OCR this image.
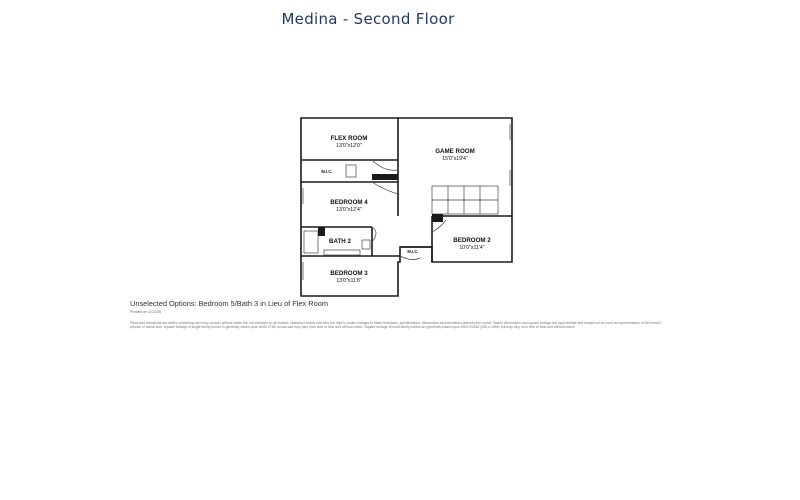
Medina - Second Floor
FLEX ROOM
13'0"x12'0"
GAME ROOM
15'0"x19'4"
M.I.C.
BEDROOM 4
13'0"x12'4"
BEDROOM 2
10'0"x11'4"
BATH 2
M.I.C.
BEDROOM 3
13'0"x11'8"
Unselected Options: Bedroom 5/Bath 3 in Lieu of Flex Room
Printed on 2/22/25
Plans and elevations are artist's renderings and may contain options which are not standard on all models. Mattamy Homes reserves the right to make changes to these floorplans, specifications, dimensions and elevations without prior notice. Stated dimensions and square footage are approximate and should not be used as representation of the home's precise or actual size. Square footage of single family homes is generally based upon ANSI Z765; actual size may vary from time to time and without notice. Square footage of multi-family homes are generally based upon ANSI BOMA (Z65.4-1996) but may vary from time to time and without notice.
